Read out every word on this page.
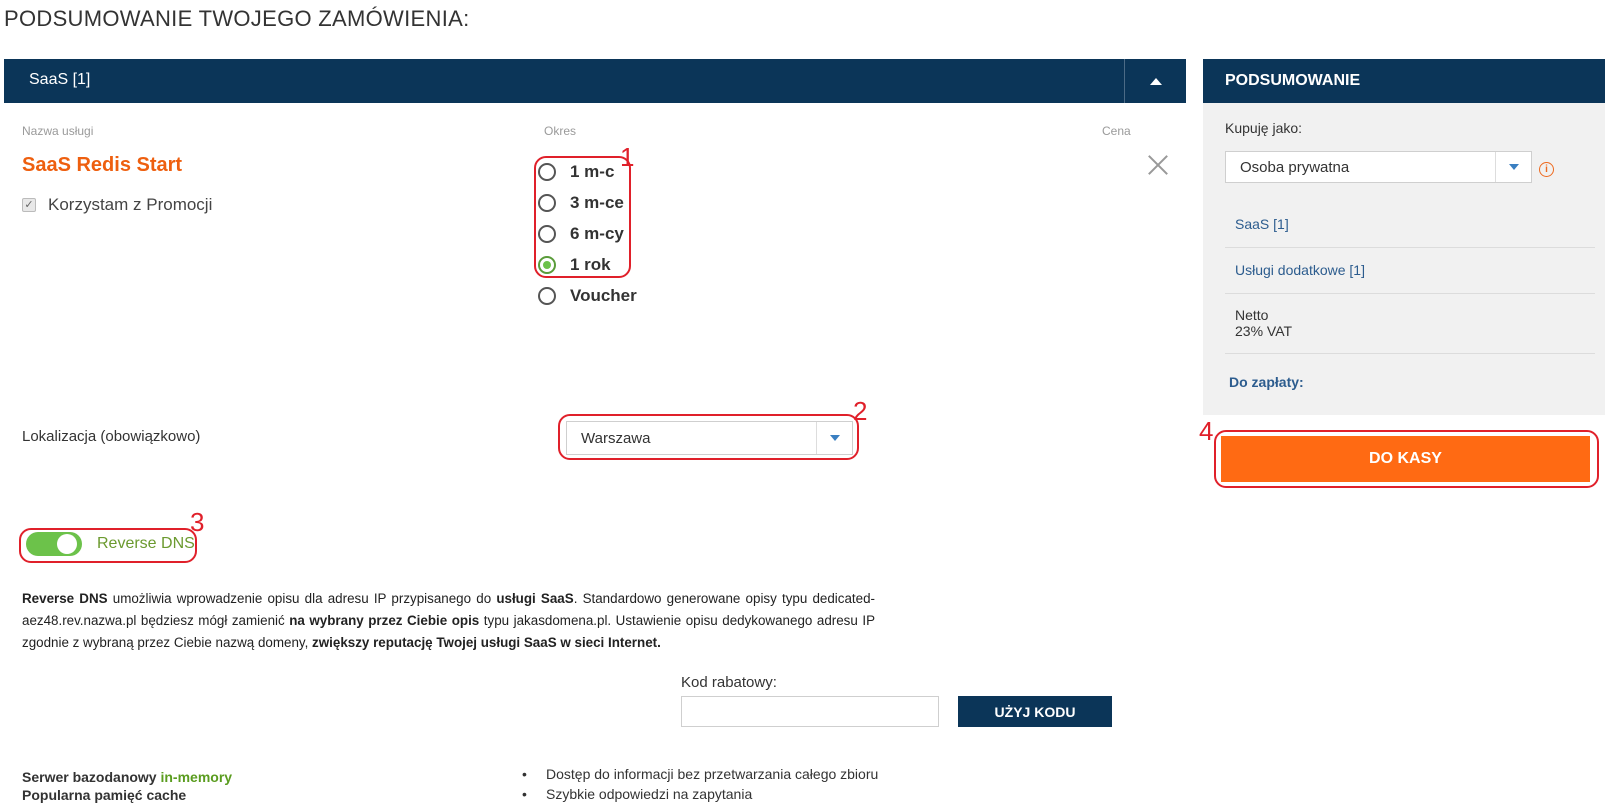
PODSUMOWANIE TWOJEGO ZAMÓWIENIA:
SaaS [1]
Nazwa usługi	Okres	Cena
SaaS Redis Start
✓ Korzystam z Promocji
1 m-c
3 m-ce
6 m-cy
1 rok
Voucher
1
Lokalizacja (obowiązkowo)	Warszawa
2
Reverse DNS
3

Reverse DNS umożliwia wprowadzenie opisu dla adresu IP przypisanego do usługi SaaS. Standardowo generowane opisy typu dedicated-aez48.rev.nazwa.pl będziesz mógł zamienić na wybrany przez Ciebie opis typu jakasdomena.pl. Ustawienie opisu dedykowanego adresu IP zgodnie z wybraną przez Ciebie nazwą domeny, zwiększy reputację Twojej usługi SaaS w sieci Internet.

Kod rabatowy:
UŻYJ KODU
Serwer bazodanowy in-memory
Popularna pamięć cache
• Dostęp do informacji bez przetwarzania całego zbioru
• Szybkie odpowiedzi na zapytania
PODSUMOWANIE
Kupuję jako:
Osoba prywatna	i
SaaS [1]
Usługi dodatkowe [1]
Netto
23% VAT
Do zapłaty:
DO KASY
4
